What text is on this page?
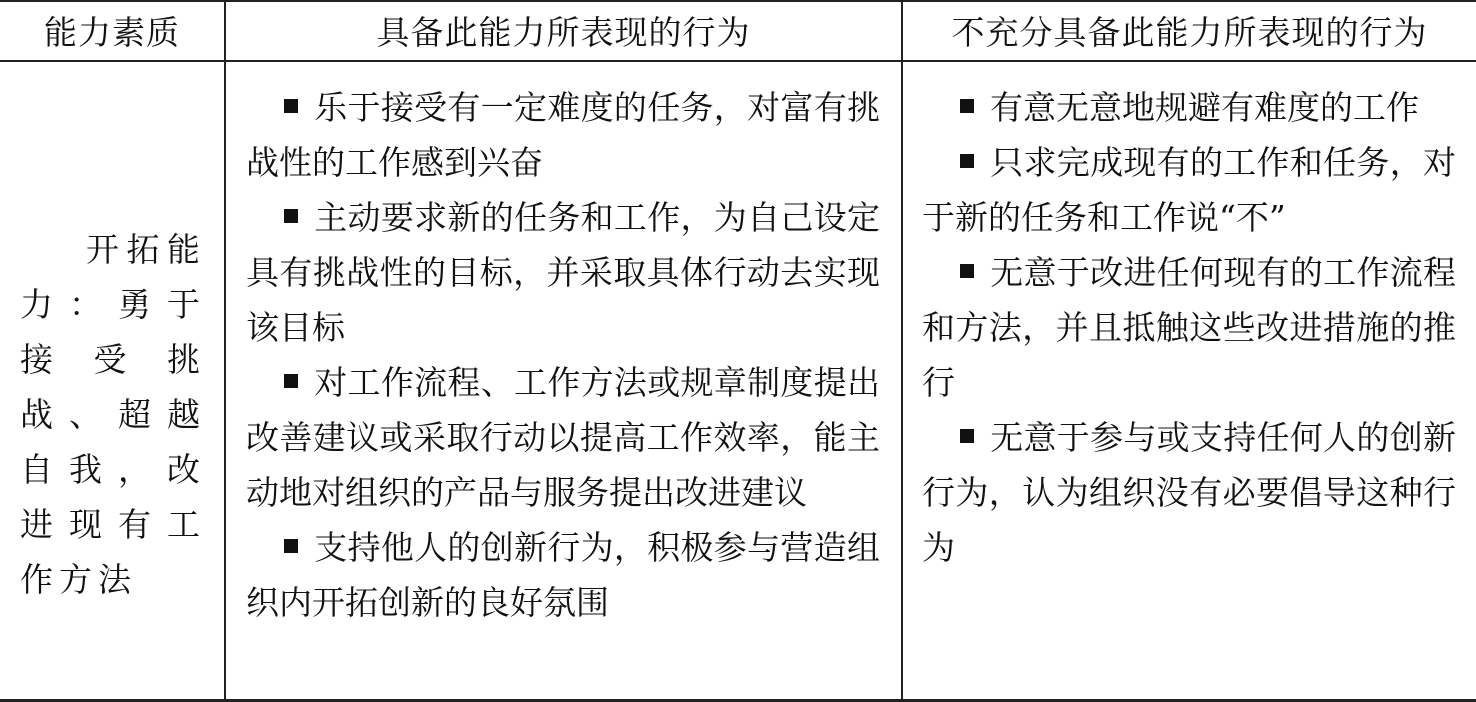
能力素质	具备此能力所表现的行为	不充分具备此能力所表现的行为

开拓能力：勇于接受挑战、超越自我，改进现有工作方法

乐于接受有一定难度的任务，对富有挑战性的工作感到兴奋

主动要求新的任务和工作，为自己设定具有挑战性的目标，并采取具体行动去实现该目标

对工作流程、工作方法或规章制度提出改善建议或采取行动以提高工作效率，能主动地对组织的产品与服务提出改进建议

支持他人的创新行为，积极参与营造组织内开拓创新的良好氛围

有意无意地规避有难度的工作

只求完成现有的工作和任务，对于新的任务和工作说“不”

无意于改进任何现有的工作流程和方法，并且抵触这些改进措施的推行

无意于参与或支持任何人的创新行为，认为组织没有必要倡导这种行为
